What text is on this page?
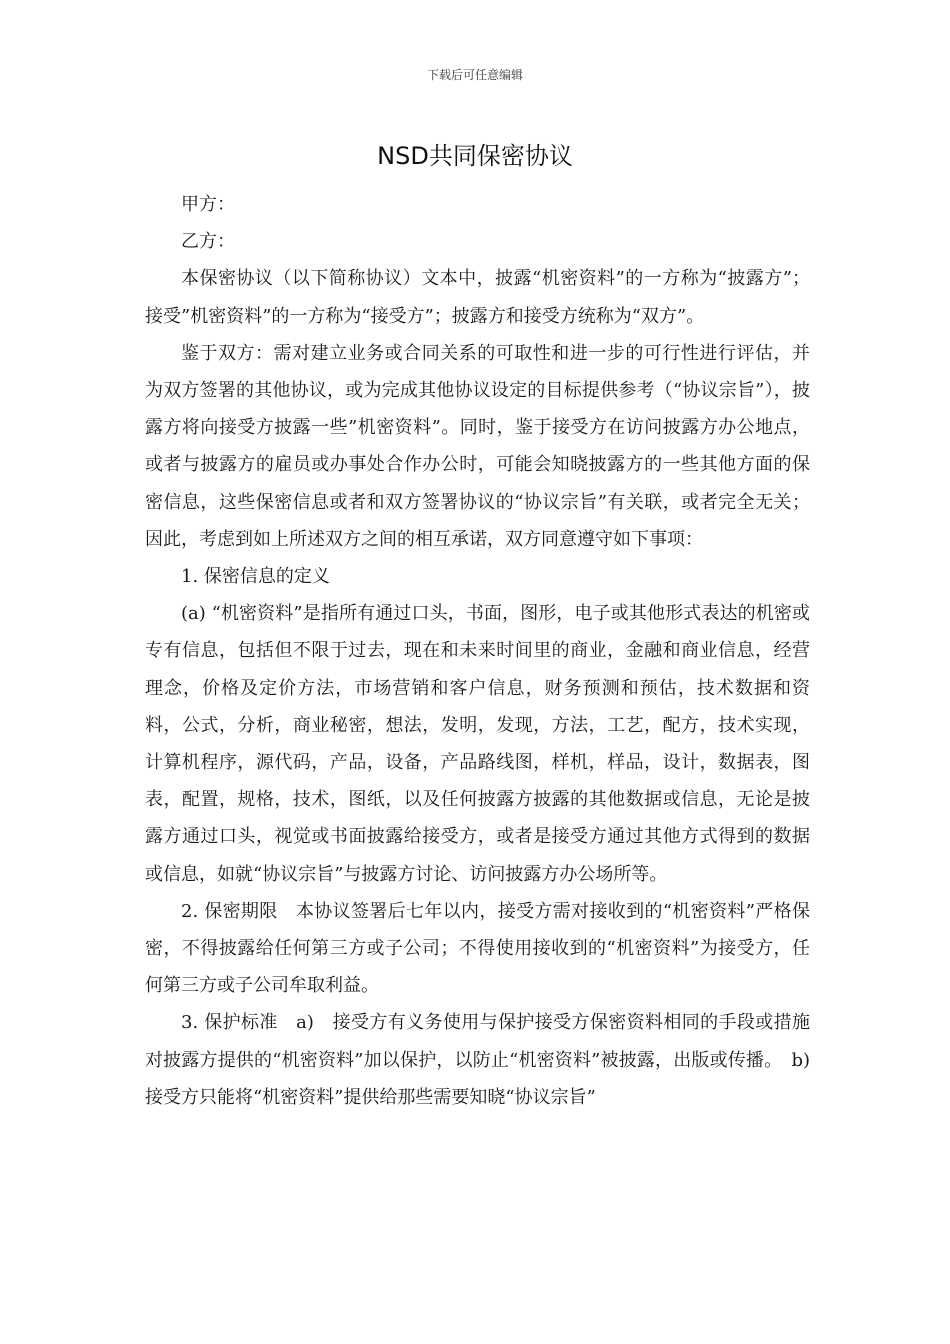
下载后可任意编辑
NSD共同保密协议

甲方：

乙方：

本保密协议（以下简称协议）文本中，披露“机密资料”的一方称为“披露方”；接受”机密资料”的一方称为“接受方”；披露方和接受方统称为“双方”。

鉴于双方：需对建立业务或合同关系的可取性和进一步的可行性进行评估，并为双方签署的其他协议，或为完成其他协议设定的目标提供参考（“协议宗旨”），披露方将向接受方披露一些”机密资料”。同时，鉴于接受方在访问披露方办公地点，或者与披露方的雇员或办事处合作办公时，可能会知晓披露方的一些其他方面的保密信息，这些保密信息或者和双方签署协议的“协议宗旨”有关联，或者完全无关； 因此，考虑到如上所述双方之间的相互承诺，双方同意遵守如下事项：

1. 保密信息的定义

(a) “机密资料”是指所有通过口头，书面，图形，电子或其他形式表达的机密或专有信息，包括但不限于过去，现在和未来时间里的商业，金融和商业信息，经营理念，价格及定价方法，市场营销和客户信息，财务预测和预估，技术数据和资料，公式，分析，商业秘密，想法，发明，发现，方法，工艺，配方，技术实现，计算机程序，源代码，产品，设备，产品路线图，样机，样品，设计，数据表，图表，配置，规格，技术，图纸，以及任何披露方披露的其他数据或信息，无论是披露方通过口头，视觉或书面披露给接受方，或者是接受方通过其他方式得到的数据或信息，如就“协议宗旨”与披露方讨论、访问披露方办公场所等。

2. 保密期限　本协议签署后七年以内，接受方需对接收到的“机密资料”严格保密，不得披露给任何第三方或子公司；不得使用接收到的“机密资料”为接受方，任何第三方或子公司牟取利益。

3. 保护标准　a)　接受方有义务使用与保护接受方保密资料相同的手段或措施对披露方提供的“机密资料”加以保护，以防止“机密资料”被披露，出版或传播。　b) 接受方只能将“机密资料”提供给那些需要知晓“协议宗旨”
